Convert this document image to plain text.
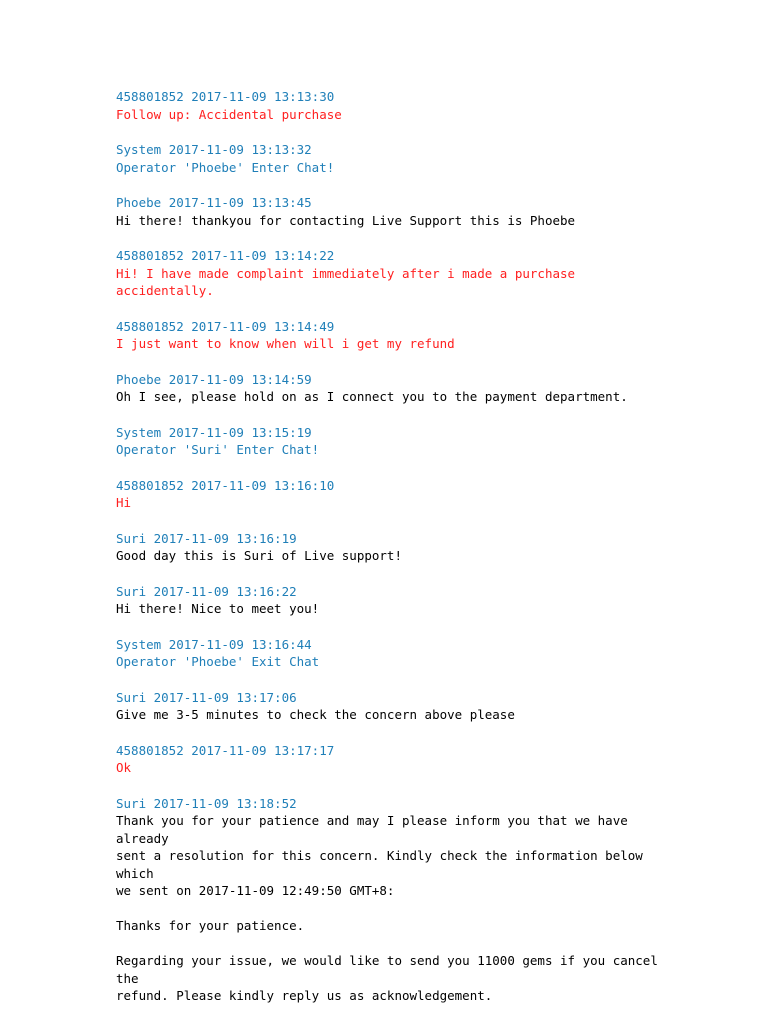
458801852 2017-11-09 13:13:30
Follow up: Accidental purchase
System 2017-11-09 13:13:32
Operator 'Phoebe' Enter Chat!
Phoebe 2017-11-09 13:13:45
Hi there! thankyou for contacting Live Support this is Phoebe
458801852 2017-11-09 13:14:22
Hi! I have made complaint immediately after i made a purchase accidentally.
458801852 2017-11-09 13:14:49
I just want to know when will i get my refund
Phoebe 2017-11-09 13:14:59
Oh I see, please hold on as I connect you to the payment department.
System 2017-11-09 13:15:19
Operator 'Suri' Enter Chat!
458801852 2017-11-09 13:16:10
Hi
Suri 2017-11-09 13:16:19
Good day this is Suri of Live support!
Suri 2017-11-09 13:16:22
Hi there! Nice to meet you!
System 2017-11-09 13:16:44
Operator 'Phoebe' Exit Chat
Suri 2017-11-09 13:17:06
Give me 3-5 minutes to check the concern above please
458801852 2017-11-09 13:17:17
Ok
Suri 2017-11-09 13:18:52
Thank you for your patience and may I please inform you that we have already
sent a resolution for this concern. Kindly check the information below which
we sent on 2017-11-09 12:49:50 GMT+8:
Thanks for your patience.
Regarding your issue, we would like to send you 11000 gems if you cancel the
refund. Please kindly reply us as acknowledgement.
